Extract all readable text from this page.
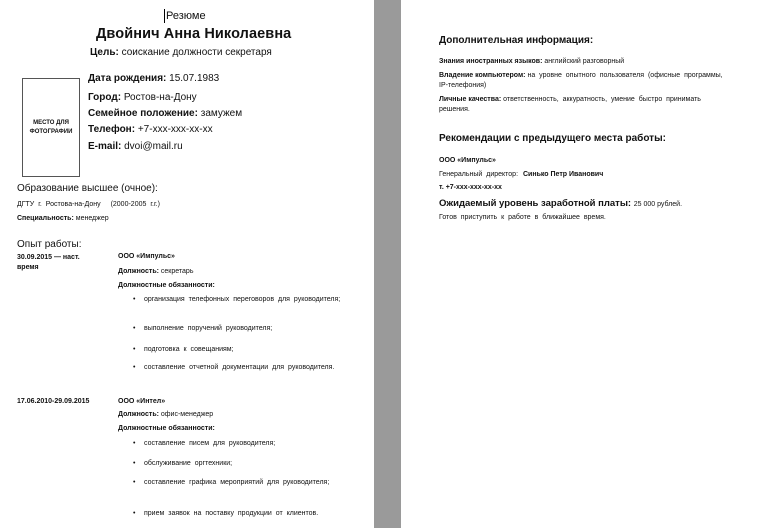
Резюме
Двойнич Анна Николаевна
Цель: соискание должности секретаря
МЕСТО ДЛЯ ФОТОГРАФИИ
Дата рождения: 15.07.1983
Город: Ростов-на-Дону
Семейное положение: замужем
Телефон: +7-xxx-xxx-xx-xx
E-mail: dvoi@mail.ru
Образование высшее (очное):
ДГТУ г. Ростова-на-Дону (2000-2005 г.г.)
Специальность: менеджер
Опыт работы:
30.09.2015 — наст.
время
ООО «Импульс»
Должность: секретарь
Должностные обязанности:
• организация телефонных переговоров для руководителя;
• выполнение поручений руководителя;
• подготовка к совещаниям;
• составление отчетной документации для руководителя.
17.06.2010-29.09.2015	ООО «Интел»
Должность: офис-менеджер
Должностные обязанности:
• составление писем для руководителя;
• обслуживание оргтехники;
• составление графика мероприятий для руководителя;
• прием заявок на поставку продукции от клиентов.
Дополнительная информация:
Знания иностранных языков: английский разговорный
Владение компьютером: на уровне опытного пользователя (офисные программы,
IP-телефония)
Личные качества: ответственность, аккуратность, умение быстро принимать
решения.
Рекомендации с предыдущего места работы:
ООО «Импульс»
Генеральный директор: Синько Петр Иванович
т. +7-xxx-xxx-xx-xx
Ожидаемый уровень заработной платы: 25 000 рублей.
Готов приступить к работе в ближайшее время.
